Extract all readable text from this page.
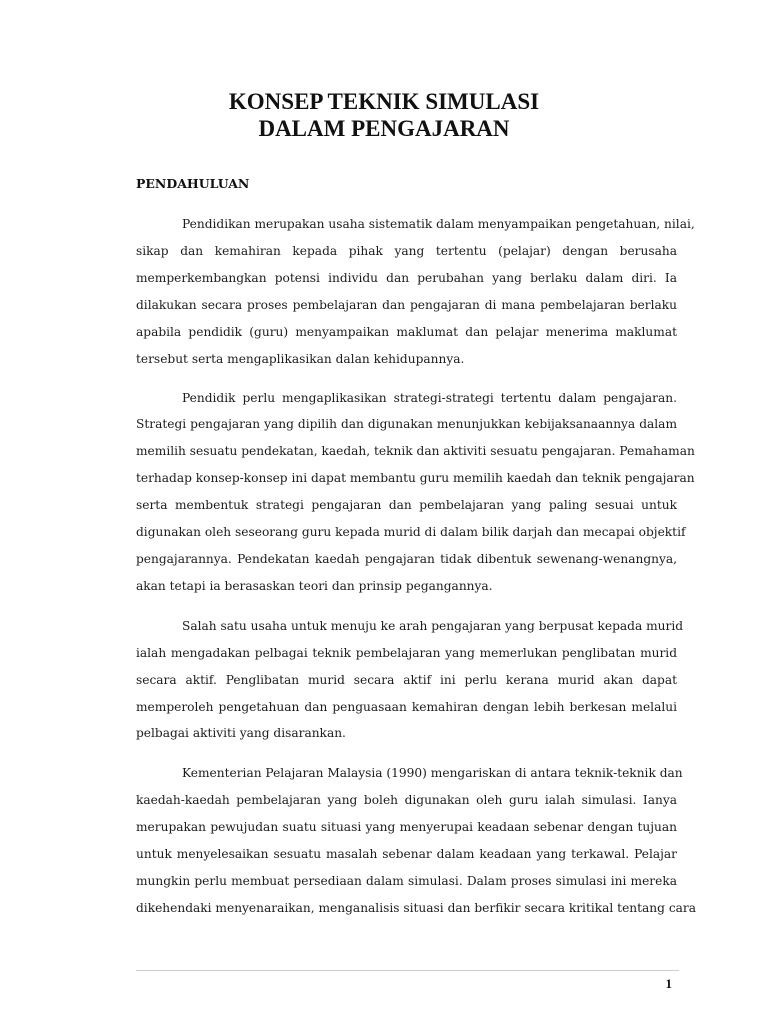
KONSEP TEKNIK SIMULASI
DALAM PENGAJARAN
PENDAHULUAN
Pendidikan merupakan usaha sistematik dalam menyampaikan pengetahuan, nilai,
sikap dan kemahiran kepada pihak yang tertentu (pelajar) dengan berusaha
memperkembangkan potensi individu dan perubahan yang berlaku dalam diri. Ia
dilakukan secara proses pembelajaran dan pengajaran di mana pembelajaran berlaku
apabila pendidik (guru) menyampaikan maklumat dan pelajar menerima maklumat
tersebut serta mengaplikasikan dalan kehidupannya.
Pendidik perlu mengaplikasikan strategi-strategi tertentu dalam pengajaran.
Strategi pengajaran yang dipilih dan digunakan menunjukkan kebijaksanaannya dalam
memilih sesuatu pendekatan, kaedah, teknik dan aktiviti sesuatu pengajaran. Pemahaman
terhadap konsep-konsep ini dapat membantu guru memilih kaedah dan teknik pengajaran
serta membentuk strategi pengajaran dan pembelajaran yang paling sesuai untuk
digunakan oleh seseorang guru kepada murid di dalam bilik darjah dan mecapai objektif
pengajarannya. Pendekatan kaedah pengajaran tidak dibentuk sewenang-wenangnya,
akan tetapi ia berasaskan teori dan prinsip pegangannya.
Salah satu usaha untuk menuju ke arah pengajaran yang berpusat kepada murid
ialah mengadakan pelbagai teknik pembelajaran yang memerlukan penglibatan murid
secara aktif. Penglibatan murid secara aktif ini perlu kerana murid akan dapat
memperoleh pengetahuan dan penguasaan kemahiran dengan lebih berkesan melalui
pelbagai aktiviti yang disarankan.
Kementerian Pelajaran Malaysia (1990) mengariskan di antara teknik-teknik dan
kaedah-kaedah pembelajaran yang boleh digunakan oleh guru ialah simulasi. Ianya
merupakan pewujudan suatu situasi yang menyerupai keadaan sebenar dengan tujuan
untuk menyelesaikan sesuatu masalah sebenar dalam keadaan yang terkawal. Pelajar
mungkin perlu membuat persediaan dalam simulasi. Dalam proses simulasi ini mereka
dikehendaki menyenaraikan, menganalisis situasi dan berfikir secara kritikal tentang cara
1
